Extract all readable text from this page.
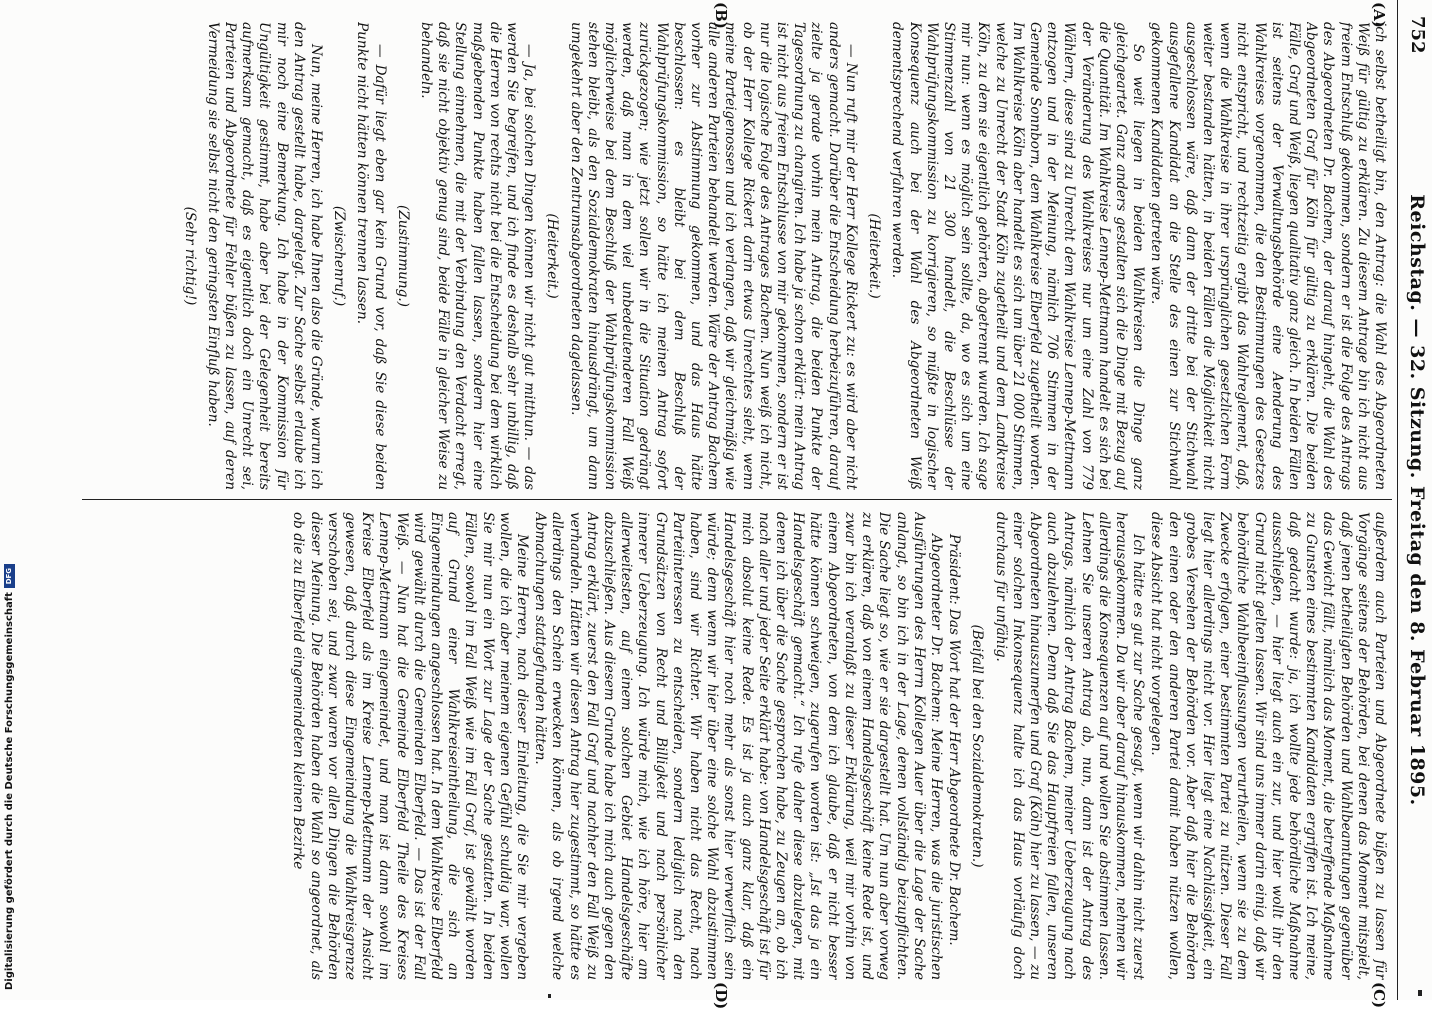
752
Reichstag. — 32. Sitzung. Freitag den 8. Februar 1895.
(A)
(B)
(C)
(D)

ich selbst betheiligt bin, den Antrag: die Wahl des Abgeordneten Weiß für gültig zu erklären. Zu diesem Antrage bin ich nicht aus freiem Entschluß gekommen, sondern er ist die Folge des Antrags des Abgeordneten Dr. Bachem, der darauf hingeht, die Wahl des Abgeordneten Graf für Köln für gültig zu erklären. Die beiden Fälle, Graf und Weiß, liegen qualitativ ganz gleich. In beiden Fällen ist seitens der Verwaltungsbehörde eine Aenderung des Wahlkreises vorgenommen, die den Bestimmungen des Gesetzes nicht entspricht, und rechtzeitig ergibt das Wahlreglement, daß, wenn die Wahlkreise in ihrer ursprünglichen gesetzlichen Form weiter bestanden hätten, in beiden Fällen die Möglichkeit nicht ausgeschlossen wäre, daß dann der dritte bei der Stichwahl ausgefallene Kandidat an die Stelle des einen zur Stichwahl gekommenen Kandidaten getreten wäre.

So weit liegen in beiden Wahlkreisen die Dinge ganz gleichgeartet. Ganz anders gestalten sich die Dinge mit Bezug auf die Quantität. Im Wahlkreise Lennep-Mettmann handelt es sich bei der Veränderung des Wahlkreises nur um eine Zahl von 779 Wählern, diese sind zu Unrecht dem Wahlkreise Lennep-Mettmann entzogen und in der Meinung, nämlich 706 Stimmen in der Gemeinde Sonnborn, dem Wahlkreise Elberfeld zugetheilt worden. Im Wahlkreise Köln aber handelt es sich um über 21 000 Stimmen, welche zu Unrecht der Stadt Köln zugetheilt und dem Landkreise Köln, zu dem sie eigentlich gehörten, abgetrennt wurden. Ich sage mir nun: wenn es möglich sein sollte, da, wo es sich um eine Stimmenzahl von 21 300 handelt, die Beschlüsse der Wahlprüfungskommission zu korrigieren, so müßte in logischer Konsequenz auch bei der Wahl des Abgeordneten Weiß dementsprechend verfahren werden.

(Heiterkeit.)

— Nun ruft mir der Herr Kollege Rickert zu: es wird aber nicht anders gemacht. Darüber die Entscheidung herbeizuführen, darauf zielte ja gerade vorhin mein Antrag, die beiden Punkte der Tagesordnung zu changiren. Ich habe ja schon erklärt: mein Antrag ist nicht aus freiem Entschlusse von mir gekommen, sondern er ist nur die logische Folge des Antrages Bachem. Nun weiß ich nicht, ob der Herr Kollege Rickert darin etwas Unrechtes sieht, wenn meine Parteigenossen und ich verlangen, daß wir gleichmäßig wie alle anderen Parteien behandelt werden. Wäre der Antrag Bachem vorher zur Abstimmung gekommen, und das Haus hätte beschlossen: es bleibt bei dem Beschluß der Wahlprüfungskommission, so hätte ich meinen Antrag sofort zurückgezogen; wie jetzt sollen wir in die Situation gedrängt werden, daß man in dem viel unbedeutenderen Fall Weiß möglicherweise bei dem Beschluß der Wahlprüfungskommission stehen bleibt, als den Sozialdemokraten hinausdrängt, um dann umgekehrt aber den Zentrumsabgeordneten dagelassen.

(Heiterkeit.)

— Ja, bei solchen Dingen können wir nicht gut mitthun. — das werden Sie begreifen, und ich finde es deshalb sehr unbillig, daß die Herren von rechts nicht bei die Entscheidung bei dem wirklich maßgebenden Punkte haben fallen lassen, sondern hier eine Stellung einnehmen, die mit der Verbindung den Verdacht erregt, daß sie nicht objektiv genug sind, beide Fälle in gleicher Weise zu behandeln.

(Zustimmung.)

— Dafür liegt eben gar kein Grund vor, daß Sie diese beiden Punkte nicht hätten können trennen lassen.

(Zwischenruf.)

Nun, meine Herren, ich habe Ihnen also die Gründe, warum ich den Antrag gestellt habe, dargelegt. Zur Sache selbst erlaube ich mir noch eine Bemerkung. Ich habe in der Kommission für Ungültigkeit gestimmt, habe aber bei der Gelegenheit bereits aufmerksam gemacht, daß es eigentlich doch ein Unrecht sei, Parteien und Abgeordnete für Fehler büßen zu lassen, auf deren Vermeidung sie selbst nicht den geringsten Einfluß haben.

(Sehr richtig!)

außerdem auch Parteien und Abgeordnete büßen zu lassen für Vorgänge seitens der Behörden, bei denen das Moment mitspielt, daß jenen betheiligten Behörden und Wahlbeamtungen gegenüber das Gewicht fällt, nämlich das Moment, die betreffende Maßnahme zu Gunsten eines bestimmten Kandidaten ergriffen ist. Ich meine, daß gedacht wurde: ja, ich wollte jede behördliche Maßnahme ausschließen, — hier liegt auch ein zur, und hier wollt ihr den Grund nicht gelten lassen. Wir sind uns immer darin einig, daß wir behördliche Wahlbeeinflussungen verurtheilen, wenn sie zu dem Zwecke erfolgen, einer bestimmten Partei zu nützen. Dieser Fall liegt hier allerdings nicht vor. Hier liegt eine Nachlässigkeit, ein grobes Versehen der Behörden vor. Aber daß hier die Behörden den einen oder den anderen Partei damit haben nützen wollen, diese Absicht hat nicht vorgelegen.

Ich hätte es gut zur Sache gesagt, wenn wir dahin nicht zuerst herausgekommen. Da wir aber darauf hinauskommen, nehmen wir allerdings die Konsequenzen auf und wollen Sie abstimmen lassen. Lehnen Sie unseren Antrag ab, nun, dann ist der Antrag des Antrags, nämlich der Antrag Bachem, meiner Ueberzeugung nach auch abzulehnen. Denn daß Sie das Hauptfreien fallen, unseren Abgeordneten hinauszumerfen und Graf (Köln) hier zu lassen, — zu einer solchen Inkonsequenz halte ich das Haus vorläufig doch durchaus für unfähig.

(Beifall bei den Sozialdemokraten.)

Präsident: Das Wort hat der Herr Abgeordnete Dr. Bachem.

Abgeordneter Dr. Bachem: Meine Herren, was die juristischen Ausführungen des Herrn Kollegen Auer über die Lage der Sache anlangt, so bin ich in der Lage, denen vollständig beizupflichten. Die Sache liegt so, wie er sie dargestellt hat. Um nun aber vorweg zu erklären, daß von einem Handelsgeschäft keine Rede ist, und zwar bin ich veranlaßt zu dieser Erklärung, weil mir vorhin von einem Abgeordneten, von dem ich glaube, daß er nicht besser hätte können schweigen, zugerufen worden ist: „Ist das ja ein Handelsgeschäft gemacht.“ Ich rufe daher diese abzulegen, mit denen ich über die Sache gesprochen habe, zu Zeugen an, ob ich nach aller und jeder Seite erklärt habe: von Handelsgeschäft ist für mich absolut keine Rede. Es ist ja auch ganz klar, daß ein Handelsgeschäft hier noch mehr als sonst hier verwerflich sein würde; denn wenn wir hier über eine solche Wahl abzustimmen haben, sind wir Richter. Wir haben nicht das Recht, nach Parteiinteressen zu entscheiden, sondern lediglich nach den Grundsätzen von Recht und Billigkeit und nach persönlicher innerer Ueberzeugung. Ich würde mich, wie ich höre, hier am allerweitesten, auf einem solchen Gebiet Handelsgeschäfte abzuschließen. Aus diesem Grunde habe ich mich auch gegen den Antrag erklärt, zuerst den Fall Graf und nachher den Fall Weiß zu verhandeln. Hätten wir diesen Antrag hier zugestimmt, so hätte es allerdings den Schein erwecken können, als ob irgend welche Abmachungen stattgefunden hätten.

Meine Herren, nach dieser Einleitung, die Sie mir vergeben wollen, die ich aber meinem eigenen Gefühl schuldig war, wollen Sie mir nun ein Wort zur Lage der Sache gestatten. In beiden Fällen, sowohl im Fall Weiß wie im Fall Graf, ist gewählt worden auf Grund einer Wahlkreiseintheilung, die sich an Eingemeindungen angeschlossen hat. In dem Wahlkreise Elberfeld wird gewählt durch die Gemeinden Elberfeld. — Das ist der Fall Weiß. — Nun hat die Gemeinde Elberfeld Theile des Kreises Lennep-Mettmann eingemeindet, und man ist dann sowohl im Kreise Elberfeld als im Kreise Lennep-Mettmann der Ansicht gewesen, daß durch diese Eingemeindung die Wahlkreisgrenze verschoben sei, und zwar waren vor allen Dingen die Behörden dieser Meinung. Die Behörden haben die Wahl so angeordnet, als ob die zu Elberfeld eingemeindeten kleinen Bezirke

Digitalisierung gefördert durch die Deutsche Forschungsgemeinschaft
DFG
